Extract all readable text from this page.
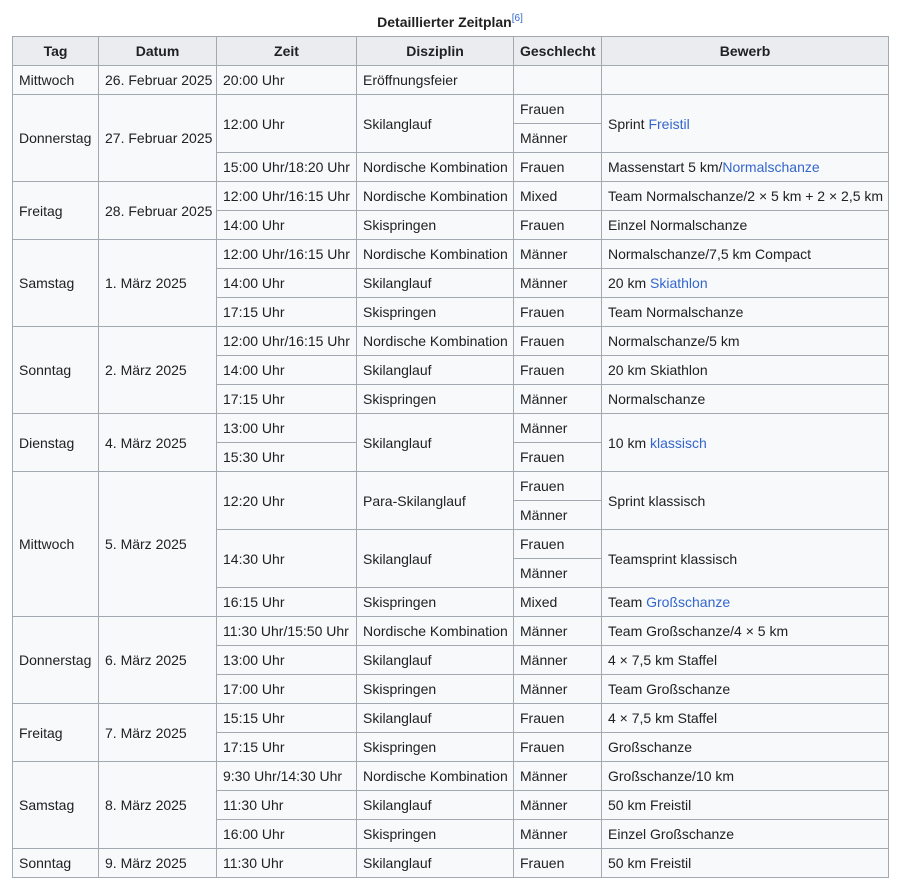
Detaillierter Zeitplan[6]
Tag	Datum	Zeit	Disziplin	Geschlecht	Bewerb
Mittwoch	26. Februar 2025	20:00 Uhr	Eröffnungsfeier		
Donnerstag	27. Februar 2025	12:00 Uhr	Skilanglauf	Frauen	Sprint Freistil
				Männer	
		15:00 Uhr/18:20 Uhr	Nordische Kombination	Frauen	Massenstart 5 km/Normalschanze
Freitag	28. Februar 2025	12:00 Uhr/16:15 Uhr	Nordische Kombination	Mixed	Team Normalschanze/2 × 5 km + 2 × 2,5 km
		14:00 Uhr	Skispringen	Frauen	Einzel Normalschanze
Samstag	1. März 2025	12:00 Uhr/16:15 Uhr	Nordische Kombination	Männer	Normalschanze/7,5 km Compact
		14:00 Uhr	Skilanglauf	Männer	20 km Skiathlon
		17:15 Uhr	Skispringen	Frauen	Team Normalschanze
Sonntag	2. März 2025	12:00 Uhr/16:15 Uhr	Nordische Kombination	Frauen	Normalschanze/5 km
		14:00 Uhr	Skilanglauf	Frauen	20 km Skiathlon
		17:15 Uhr	Skispringen	Männer	Normalschanze
Dienstag	4. März 2025	13:00 Uhr	Skilanglauf	Männer	10 km klassisch
		15:30 Uhr		Frauen	
Mittwoch	5. März 2025	12:20 Uhr	Para-Skilanglauf	Frauen	Sprint klassisch
				Männer	
		14:30 Uhr	Skilanglauf	Frauen	Teamsprint klassisch
				Männer	
		16:15 Uhr	Skispringen	Mixed	Team Großschanze
Donnerstag	6. März 2025	11:30 Uhr/15:50 Uhr	Nordische Kombination	Männer	Team Großschanze/4 × 5 km
		13:00 Uhr	Skilanglauf	Männer	4 × 7,5 km Staffel
		17:00 Uhr	Skispringen	Männer	Team Großschanze
Freitag	7. März 2025	15:15 Uhr	Skilanglauf	Frauen	4 × 7,5 km Staffel
		17:15 Uhr	Skispringen	Frauen	Großschanze
Samstag	8. März 2025	9:30 Uhr/14:30 Uhr	Nordische Kombination	Männer	Großschanze/10 km
		11:30 Uhr	Skilanglauf	Männer	50 km Freistil
		16:00 Uhr	Skispringen	Männer	Einzel Großschanze
Sonntag	9. März 2025	11:30 Uhr	Skilanglauf	Frauen	50 km Freistil
